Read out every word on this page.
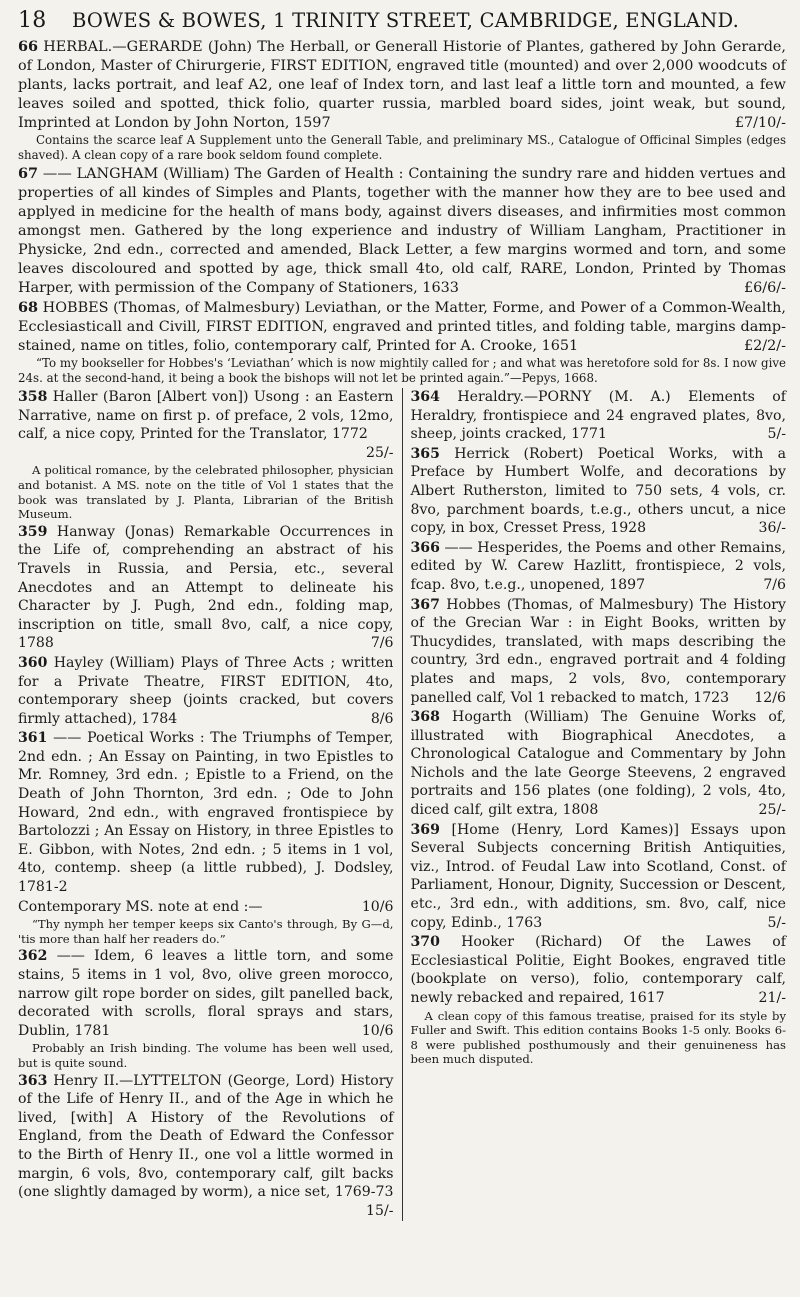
18	BOWES & BOWES, 1 TRINITY STREET, CAMBRIDGE, ENGLAND.

66 HERBAL.—GERARDE (John) The Herball, or Generall Historie of Plantes, gathered by John Gerarde, of London, Master of Chirurgerie, FIRST EDITION, engraved title (mounted) and over 2,000 woodcuts of plants, lacks portrait, and leaf A2, one leaf of Index torn, and last leaf a little torn and mounted, a few leaves soiled and spotted, thick folio, quarter russia, marbled board sides, joint weak, but sound, Imprinted at London by John Norton, 1597	£7/10/-

Contains the scarce leaf A Supplement unto the Generall Table, and preliminary MS., Catalogue of Officinal Simples (edges shaved). A clean copy of a rare book seldom found complete.

67 —— LANGHAM (William) The Garden of Health : Containing the sundry rare and hidden vertues and properties of all kindes of Simples and Plants, together with the manner how they are to bee used and applyed in medicine for the health of mans body, against divers diseases, and infirmities most common amongst men. Gathered by the long experience and industry of William Langham, Practitioner in Physicke, 2nd edn., corrected and amended, Black Letter, a few margins wormed and torn, and some leaves discoloured and spotted by age, thick small 4to, old calf, RARE, London, Printed by Thomas Harper, with permission of the Company of Stationers, 1633	£6/6/-

68 HOBBES (Thomas, of Malmesbury) Leviathan, or the Matter, Forme, and Power of a Common-Wealth, Ecclesiasticall and Civill, FIRST EDITION, engraved and printed titles, and folding table, margins damp-stained, name on titles, folio, contemporary calf, Printed for A. Crooke, 1651	£2/2/-

“To my bookseller for Hobbes's ‘Leviathan’ which is now mightily called for ; and what was heretofore sold for 8s. I now give 24s. at the second-hand, it being a book the bishops will not let be printed again.”—Pepys, 1668.

358 Haller (Baron [Albert von]) Usong : an Eastern Narrative, name on first p. of preface, 2 vols, 12mo, calf, a nice copy, Printed for the Translator, 1772
25/-

A political romance, by the celebrated philosopher, physician and botanist. A MS. note on the title of Vol 1 states that the book was translated by J. Planta, Librarian of the British Museum.

359 Hanway (Jonas) Remarkable Occurrences in the Life of, comprehending an abstract of his Travels in Russia, and Persia, etc., several Anecdotes and an Attempt to delineate his Character by J. Pugh, 2nd edn., folding map, inscription on title, small 8vo, calf, a nice copy, 1788	7/6

360 Hayley (William) Plays of Three Acts ; written for a Private Theatre, FIRST EDITION, 4to, contemporary sheep (joints cracked, but covers firmly attached), 1784	8/6

361 —— Poetical Works : The Triumphs of Temper, 2nd edn. ; An Essay on Painting, in two Epistles to Mr. Romney, 3rd edn. ; Epistle to a Friend, on the Death of John Thornton, 3rd edn. ; Ode to John Howard, 2nd edn., with engraved frontispiece by Bartolozzi ; An Essay on History, in three Epistles to E. Gibbon, with Notes, 2nd edn. ; 5 items in 1 vol, 4to, contemp. sheep (a little rubbed), J. Dodsley, 1781-2

Contemporary MS. note at end :—	10/6

“Thy nymph her temper keeps six Canto's through, By G—d, 'tis more than half her readers do.”

362 —— Idem, 6 leaves a little torn, and some stains, 5 items in 1 vol, 8vo, olive green morocco, narrow gilt rope border on sides, gilt panelled back, decorated with scrolls, floral sprays and stars, Dublin, 1781	10/6

Probably an Irish binding. The volume has been well used, but is quite sound.

363 Henry II.—LYTTELTON (George, Lord) History of the Life of Henry II., and of the Age in which he lived, [with] A History of the Revolutions of England, from the Death of Edward the Confessor to the Birth of Henry II., one vol a little wormed in margin, 6 vols, 8vo, contemporary calf, gilt backs (one slightly damaged by worm), a nice set, 1769-73
15/-

364 Heraldry.—PORNY (M. A.) Elements of Heraldry, frontispiece and 24 engraved plates, 8vo, sheep, joints cracked, 1771	5/-

365 Herrick (Robert) Poetical Works, with a Preface by Humbert Wolfe, and decorations by Albert Rutherston, limited to 750 sets, 4 vols, cr. 8vo, parchment boards, t.e.g., others uncut, a nice copy, in box, Cresset Press, 1928	36/-

366 —— Hesperides, the Poems and other Remains, edited by W. Carew Hazlitt, frontispiece, 2 vols, fcap. 8vo, t.e.g., unopened, 1897	7/6

367 Hobbes (Thomas, of Malmesbury) The History of the Grecian War : in Eight Books, written by Thucydides, translated, with maps describing the country, 3rd edn., engraved portrait and 4 folding plates and maps, 2 vols, 8vo, contemporary panelled calf, Vol 1 rebacked to match, 1723 12/6

368 Hogarth (William) The Genuine Works of, illustrated with Biographical Anecdotes, a Chronological Catalogue and Commentary by John Nichols and the late George Steevens, 2 engraved portraits and 156 plates (one folding), 2 vols, 4to, diced calf, gilt extra, 1808	25/-

369 [Home (Henry, Lord Kames)] Essays upon Several Subjects concerning British Antiquities, viz., Introd. of Feudal Law into Scotland, Const. of Parliament, Honour, Dignity, Succession or Descent, etc., 3rd edn., with additions, sm. 8vo, calf, nice copy, Edinb., 1763	5/-

370 Hooker (Richard) Of the Lawes of Ecclesiastical Politie, Eight Bookes, engraved title (bookplate on verso), folio, contemporary calf, newly rebacked and repaired, 1617	21/-

A clean copy of this famous treatise, praised for its style by Fuller and Swift. This edition contains Books 1-5 only. Books 6-8 were published posthumously and their genuineness has been much disputed.
